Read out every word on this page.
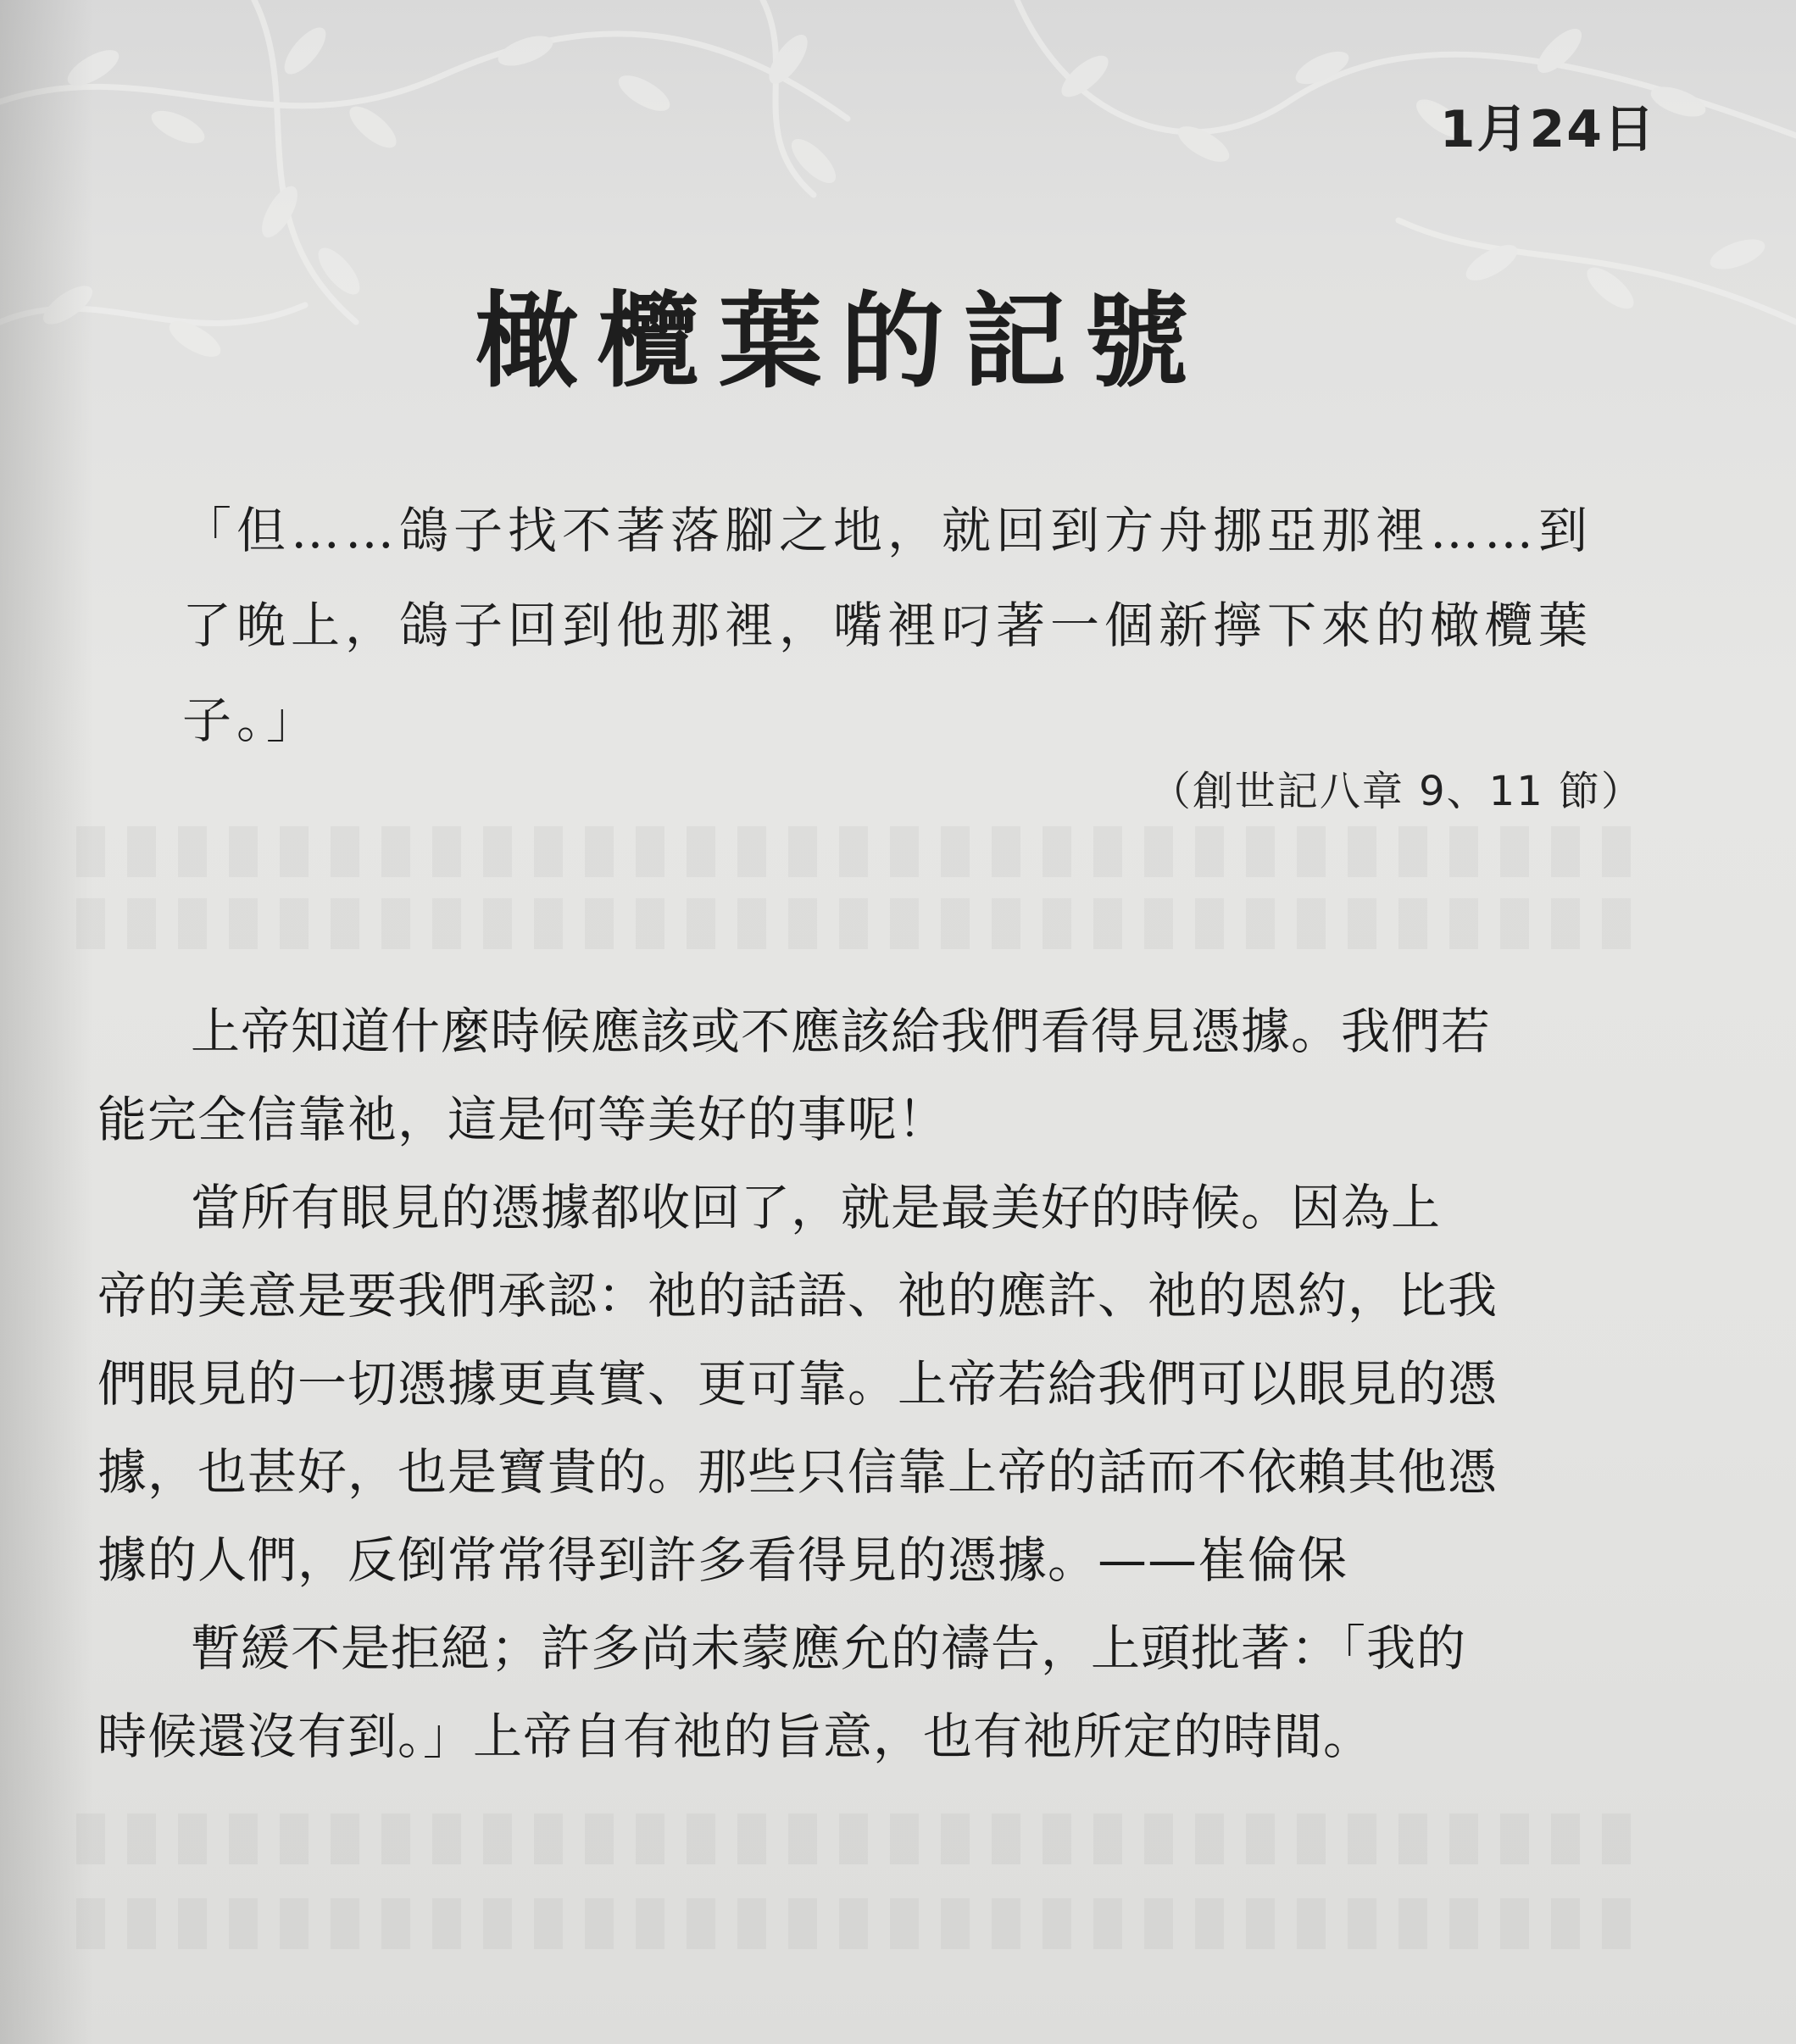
1月24日
橄欖葉的記號
「但……鴿子找不著落腳之地，就回到方舟挪亞那裡……到
了晚上，鴿子回到他那裡，嘴裡叼著一個新擰下來的橄欖葉
子。」
（創世記八章 9、11 節）
上帝知道什麼時候應該或不應該給我們看得見憑據。我們若
能完全信靠祂，這是何等美好的事呢！
當所有眼見的憑據都收回了，就是最美好的時候。因為上
帝的美意是要我們承認：祂的話語、祂的應許、祂的恩約，比我
們眼見的一切憑據更真實、更可靠。上帝若給我們可以眼見的憑
據，也甚好，也是寶貴的。那些只信靠上帝的話而不依賴其他憑
據的人們，反倒常常得到許多看得見的憑據。——崔倫保
暫緩不是拒絕；許多尚未蒙應允的禱告，上頭批著：「我的
時候還沒有到。」上帝自有祂的旨意，也有祂所定的時間。
